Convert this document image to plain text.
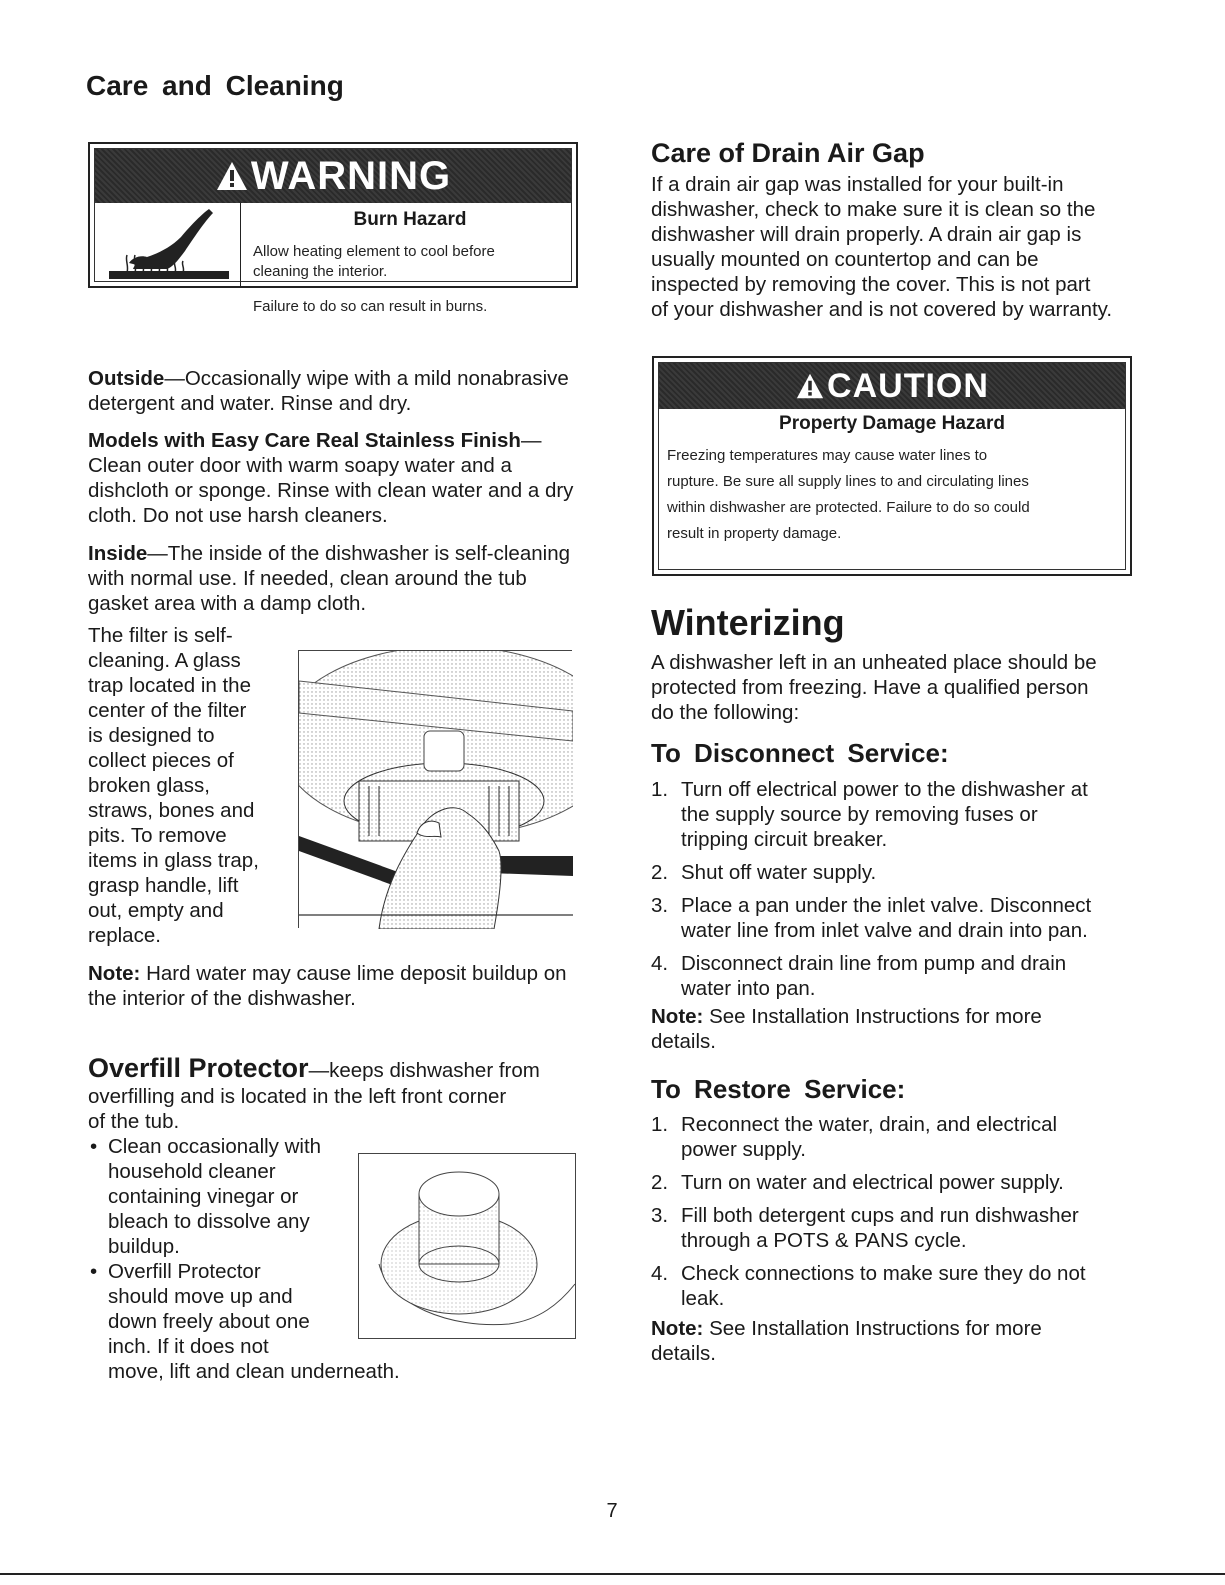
Care and Cleaning
WARNING
Burn Hazard
Allow heating element to cool before
cleaning the interior.
Failure to do so can result in burns.
Outside—Occasionally wipe with a mild nonabrasive detergent and water. Rinse and dry.
Models with Easy Care Real Stainless Finish—Clean outer door with warm soapy water and a dishcloth or sponge. Rinse with clean water and a dry cloth. Do not use harsh cleaners.
Inside—The inside of the dishwasher is self-cleaning with normal use. If needed, clean around the tub gasket area with a damp cloth.
The filter is self-
cleaning. A glass
trap located in the
center of the filter
is designed to
collect pieces of
broken glass,
straws, bones and
pits. To remove
items in glass trap,
grasp handle, lift
out, empty and
replace.
Note: Hard water may cause lime deposit buildup on the interior of the dishwasher.
Overfill Protector—keeps dishwasher from
overfilling and is located in the left front corner
of the tub.
• Clean occasionally with
household cleaner
containing vinegar or
bleach to dissolve any
buildup.
• Overfill Protector
should move up and
down freely about one
inch. If it does not
move, lift and clean underneath.
Care of Drain Air Gap
If a drain air gap was installed for your built-in
dishwasher, check to make sure it is clean so the
dishwasher will drain properly. A drain air gap is
usually mounted on countertop and can be
inspected by removing the cover. This is not part
of your dishwasher and is not covered by warranty.
CAUTION
Property Damage Hazard
Freezing temperatures may cause water lines to
rupture. Be sure all supply lines to and circulating lines
within dishwasher are protected. Failure to do so could
result in property damage.
Winterizing
A dishwasher left in an unheated place should be
protected from freezing. Have a qualified person
do the following:
To Disconnect Service:
1. Turn off electrical power to the dishwasher at
the supply source by removing fuses or
tripping circuit breaker.
2. Shut off water supply.
3. Place a pan under the inlet valve. Disconnect
water line from inlet valve and drain into pan.
4. Disconnect drain line from pump and drain
water into pan.
Note: See Installation Instructions for more
details.
To Restore Service:
1. Reconnect the water, drain, and electrical
power supply.
2. Turn on water and electrical power supply.
3. Fill both detergent cups and run dishwasher
through a POTS & PANS cycle.
4. Check connections to make sure they do not
leak.
Note: See Installation Instructions for more
details.
7
